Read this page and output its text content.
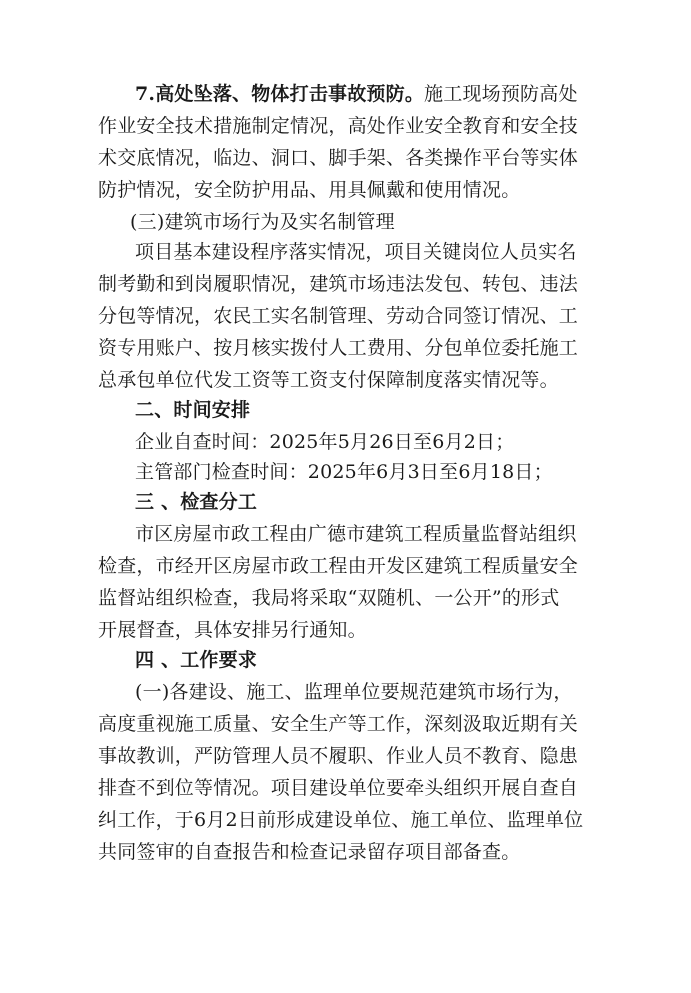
7.高处坠落、物体打击事故预防。施工现场预防高处
作业安全技术措施制定情况，高处作业安全教育和安全技
术交底情况，临边、洞口、脚手架、各类操作平台等实体
防护情况，安全防护用品、用具佩戴和使用情况。
(三)建筑市场行为及实名制管理
项目基本建设程序落实情况，项目关键岗位人员实名
制考勤和到岗履职情况，建筑市场违法发包、转包、违法
分包等情况，农民工实名制管理、劳动合同签订情况、工
资专用账户、按月核实拨付人工费用、分包单位委托施工
总承包单位代发工资等工资支付保障制度落实情况等。
二、时间安排
企业自查时间：2025年5月26日至6月2日；
主管部门检查时间：2025年6月3日至6月18日；
三 、检查分工
市区房屋市政工程由广德市建筑工程质量监督站组织
检查，市经开区房屋市政工程由开发区建筑工程质量安全
监督站组织检查，我局将采取“双随机、一公开”的形式
开展督查，具体安排另行通知。
四 、工作要求
(一)各建设、施工、监理单位要规范建筑市场行为，
高度重视施工质量、安全生产等工作，深刻汲取近期有关
事故教训，严防管理人员不履职、作业人员不教育、隐患
排查不到位等情况。项目建设单位要牵头组织开展自查自
纠工作，于6月2日前形成建设单位、施工单位、监理单位
共同签审的自查报告和检查记录留存项目部备查。
